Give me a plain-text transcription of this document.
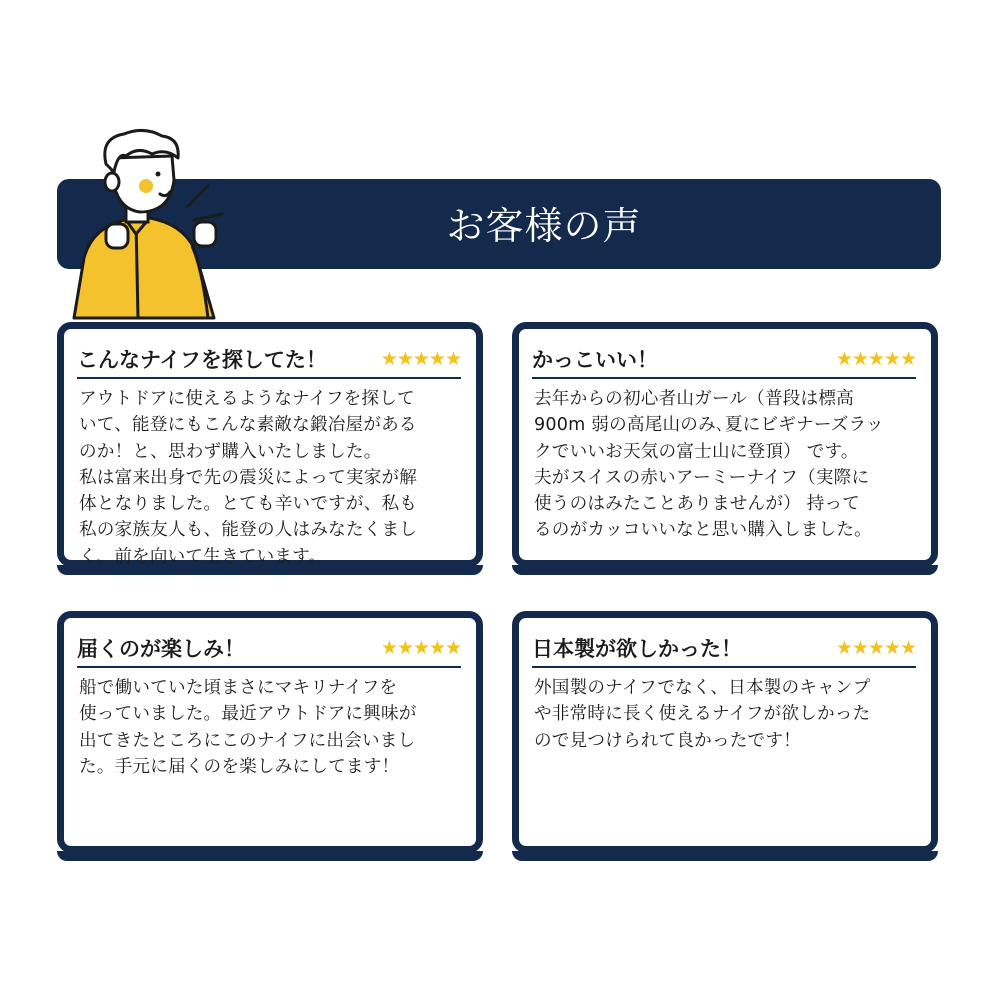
お客様の声
こんなナイフを探してた！	★★★★★
アウトドアに使えるようなナイフを探して
いて、能登にもこんな素敵な鍛冶屋がある
のか！と、思わず購入いたしました。
私は富来出身で先の震災によって実家が解
体となりました。とても辛いですが、私も
私の家族友人も、能登の人はみなたくまし
く、前を向いて生きています。
かっこいい！	★★★★★
去年からの初心者山ガール（普段は標高
900m 弱の高尾山のみ､夏にビギナーズラッ
クでいいお天気の富士山に登頂） です。
夫がスイスの赤いアーミーナイフ（実際に
使うのはみたことありませんが） 持って
るのがカッコいいなと思い購入しました。
届くのが楽しみ！	★★★★★
船で働いていた頃まさにマキリナイフを
使っていました。最近アウトドアに興味が
出てきたところにこのナイフに出会いまし
た。手元に届くのを楽しみにしてます！
日本製が欲しかった！	★★★★★
外国製のナイフでなく、日本製のキャンプ
や非常時に長く使えるナイフが欲しかった
ので見つけられて良かったです！
